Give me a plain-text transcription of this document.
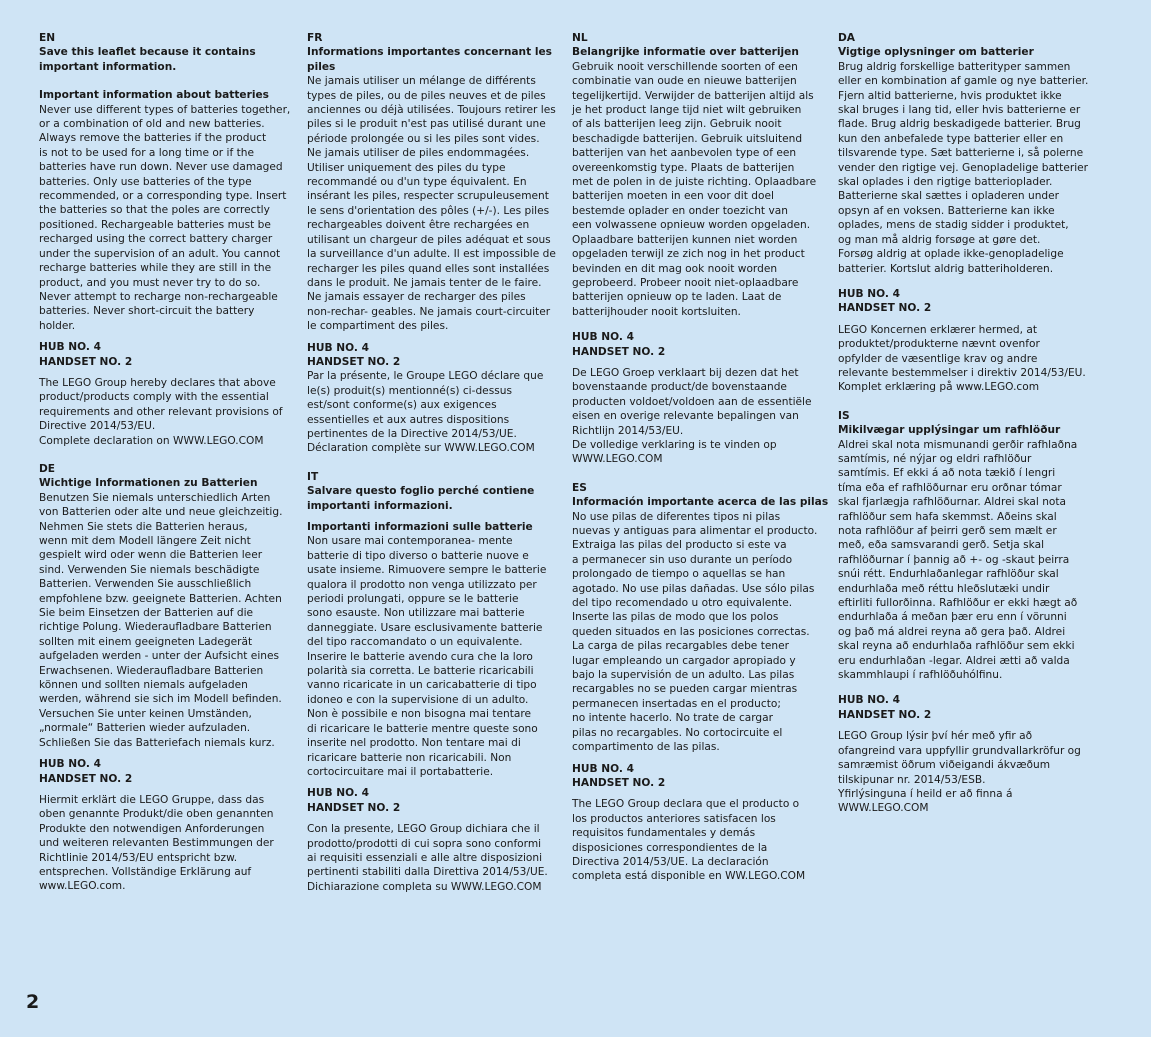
EN
Save this leaflet because it contains
important information.
Important information about batteries
Never use different types of batteries together,
or a combination of old and new batteries.
Always remove the batteries if the product
is not to be used for a long time or if the
batteries have run down. Never use damaged
batteries. Only use batteries of the type
recommended, or a corresponding type. Insert
the batteries so that the poles are correctly
positioned. Rechargeable batteries must be
recharged using the correct battery charger
under the supervision of an adult. You cannot
recharge batteries while they are still in the
product, and you must never try to do so.
Never attempt to recharge non-rechargeable
batteries. Never short-circuit the battery
holder.
HUB NO. 4
HANDSET NO. 2
The LEGO Group hereby declares that above
product/products comply with the essential
requirements and other relevant provisions of
Directive 2014/53/EU.
Complete declaration on WWW.LEGO.COM
DE
Wichtige Informationen zu Batterien
Benutzen Sie niemals unterschiedlich Arten
von Batterien oder alte und neue gleichzeitig.
Nehmen Sie stets die Batterien heraus,
wenn mit dem Modell längere Zeit nicht
gespielt wird oder wenn die Batterien leer
sind. Verwenden Sie niemals beschädigte
Batterien. Verwenden Sie ausschließlich
empfohlene bzw. geeignete Batterien. Achten
Sie beim Einsetzen der Batterien auf die
richtige Polung. Wiederaufladbare Batterien
sollten mit einem geeigneten Ladegerät
aufgeladen werden - unter der Aufsicht eines
Erwachsenen. Wiederaufladbare Batterien
können und sollten niemals aufgeladen
werden, während sie sich im Modell befinden.
Versuchen Sie unter keinen Umständen,
„normale“ Batterien wieder aufzuladen.
Schließen Sie das Batteriefach niemals kurz.
HUB NO. 4
HANDSET NO. 2
Hiermit erklärt die LEGO Gruppe, dass das
oben genannte Produkt/die oben genannten
Produkte den notwendigen Anforderungen
und weiteren relevanten Bestimmungen der
Richtlinie 2014/53/EU entspricht bzw.
entsprechen. Vollständige Erklärung auf
www.LEGO.com.
FR
Informations importantes concernant les piles
Ne jamais utiliser un mélange de différents
types de piles, ou de piles neuves et de piles
anciennes ou déjà utilisées. Toujours retirer les
piles si le produit n'est pas utilisé durant une
période prolongée ou si les piles sont vides.
Ne jamais utiliser de piles endommagées.
Utiliser uniquement des piles du type
recommandé ou d'un type équivalent. En
insérant les piles, respecter scrupuleusement
le sens d'orientation des pôles (+/-). Les piles
rechargeables doivent être rechargées en
utilisant un chargeur de piles adéquat et sous
la surveillance d'un adulte. Il est impossible de
recharger les piles quand elles sont installées
dans le produit. Ne jamais tenter de le faire.
Ne jamais essayer de recharger des piles
non-rechar- geables. Ne jamais court-circuiter
le compartiment des piles.
HUB NO. 4
HANDSET NO. 2
Par la présente, le Groupe LEGO déclare que
le(s) produit(s) mentionné(s) ci-dessus
est/sont conforme(s) aux exigences
essentielles et aux autres dispositions
pertinentes de la Directive 2014/53/UE.
Déclaration complète sur WWW.LEGO.COM
IT
Salvare questo foglio perché contiene
importanti informazioni.
Importanti informazioni sulle batterie
Non usare mai contemporanea- mente
batterie di tipo diverso o batterie nuove e
usate insieme. Rimuovere sempre le batterie
qualora il prodotto non venga utilizzato per
periodi prolungati, oppure se le batterie
sono esauste. Non utilizzare mai batterie
danneggiate. Usare esclusivamente batterie
del tipo raccomandato o un equivalente.
Inserire le batterie avendo cura che la loro
polarità sia corretta. Le batterie ricaricabili
vanno ricaricate in un caricabatterie di tipo
idoneo e con la supervisione di un adulto.
Non è possibile e non bisogna mai tentare
di ricaricare le batterie mentre queste sono
inserite nel prodotto. Non tentare mai di
ricaricare batterie non ricaricabili. Non
cortocircuitare mai il portabatterie.
HUB NO. 4
HANDSET NO. 2
Con la presente, LEGO Group dichiara che il
prodotto/prodotti di cui sopra sono conformi
ai requisiti essenziali e alle altre disposizioni
pertinenti stabiliti dalla Direttiva 2014/53/UE.
Dichiarazione completa su WWW.LEGO.COM
NL
Belangrijke informatie over batterijen
Gebruik nooit verschillende soorten of een
combinatie van oude en nieuwe batterijen
tegelijkertijd. Verwijder de batterijen altijd als
je het product lange tijd niet wilt gebruiken
of als batterijen leeg zijn. Gebruik nooit
beschadigde batterijen. Gebruik uitsluitend
batterijen van het aanbevolen type of een
overeenkomstig type. Plaats de batterijen
met de polen in de juiste richting. Oplaadbare
batterijen moeten in een voor dit doel
bestemde oplader en onder toezicht van
een volwassene opnieuw worden opgeladen.
Oplaadbare batterijen kunnen niet worden
opgeladen terwijl ze zich nog in het product
bevinden en dit mag ook nooit worden
geprobeerd. Probeer nooit niet-oplaadbare
batterijen opnieuw op te laden. Laat de
batterijhouder nooit kortsluiten.
HUB NO. 4
HANDSET NO. 2
De LEGO Groep verklaart bij dezen dat het
bovenstaande product/de bovenstaande
producten voldoet/voldoen aan de essentiële
eisen en overige relevante bepalingen van
Richtlijn 2014/53/EU.
De volledige verklaring is te vinden op
WWW.LEGO.COM
ES
Información importante acerca de las pilas
No use pilas de diferentes tipos ni pilas
nuevas y antiguas para alimentar el producto.
Extraiga las pilas del producto si este va
a permanecer sin uso durante un período
prolongado de tiempo o aquellas se han
agotado. No use pilas dañadas. Use sólo pilas
del tipo recomendado u otro equivalente.
Inserte las pilas de modo que los polos
queden situados en las posiciones correctas.
La carga de pilas recargables debe tener
lugar empleando un cargador apropiado y
bajo la supervisión de un adulto. Las pilas
recargables no se pueden cargar mientras
permanecen insertadas en el producto;
no intente hacerlo. No trate de cargar
pilas no recargables. No cortocircuite el
compartimento de las pilas.
HUB NO. 4
HANDSET NO. 2
The LEGO Group declara que el producto o
los productos anteriores satisfacen los
requisitos fundamentales y demás
disposiciones correspondientes de la
Directiva 2014/53/UE. La declaración
completa está disponible en WW.LEGO.COM
DA
Vigtige oplysninger om batterier
Brug aldrig forskellige batterityper sammen
eller en kombination af gamle og nye batterier.
Fjern altid batterierne, hvis produktet ikke
skal bruges i lang tid, eller hvis batterierne er
flade. Brug aldrig beskadigede batterier. Brug
kun den anbefalede type batterier eller en
tilsvarende type. Sæt batterierne i, så polerne
vender den rigtige vej. Genopladelige batterier
skal oplades i den rigtige batterioplader.
Batterierne skal sættes i opladeren under
opsyn af en voksen. Batterierne kan ikke
oplades, mens de stadig sidder i produktet,
og man må aldrig forsøge at gøre det.
Forsøg aldrig at oplade ikke-genopladelige
batterier. Kortslut aldrig batteriholderen.
HUB NO. 4
HANDSET NO. 2
LEGO Koncernen erklærer hermed, at
produktet/produkterne nævnt ovenfor
opfylder de væsentlige krav og andre
relevante bestemmelser i direktiv 2014/53/EU.
Komplet erklæring på www.LEGO.com
IS
Mikilvægar upplýsingar um rafhlöður
Aldrei skal nota mismunandi gerðir rafhlaðna
samtímis, né nýjar og eldri rafhlöður
samtímis. Ef ekki á að nota tækið í lengri
tíma eða ef rafhlöðurnar eru orðnar tómar
skal fjarlægja rafhlöðurnar. Aldrei skal nota
rafhlöður sem hafa skemmst. Aðeins skal
nota rafhlöður af þeirri gerð sem mælt er
með, eða samsvarandi gerð. Setja skal
rafhlöðurnar í þannig að +- og -skaut þeirra
snúi rétt. Endurhlaðanlegar rafhlöður skal
endurhlaða með réttu hleðslutæki undir
eftirliti fullorðinna. Rafhlöður er ekki hægt að
endurhlaða á meðan þær eru enn í vörunni
og það má aldrei reyna að gera það. Aldrei
skal reyna að endurhlaða rafhlöður sem ekki
eru endurhlaðan -legar. Aldrei ætti að valda
skammhlaupi í rafhlöðuhólfinu.
HUB NO. 4
HANDSET NO. 2
LEGO Group lýsir því hér með yfir að
ofangreind vara uppfyllir grundvallarkröfur og
samræmist öðrum viðeigandi ákvæðum
tilskipunar nr. 2014/53/ESB.
Yfirlýsinguna í heild er að finna á
WWW.LEGO.COM
2
